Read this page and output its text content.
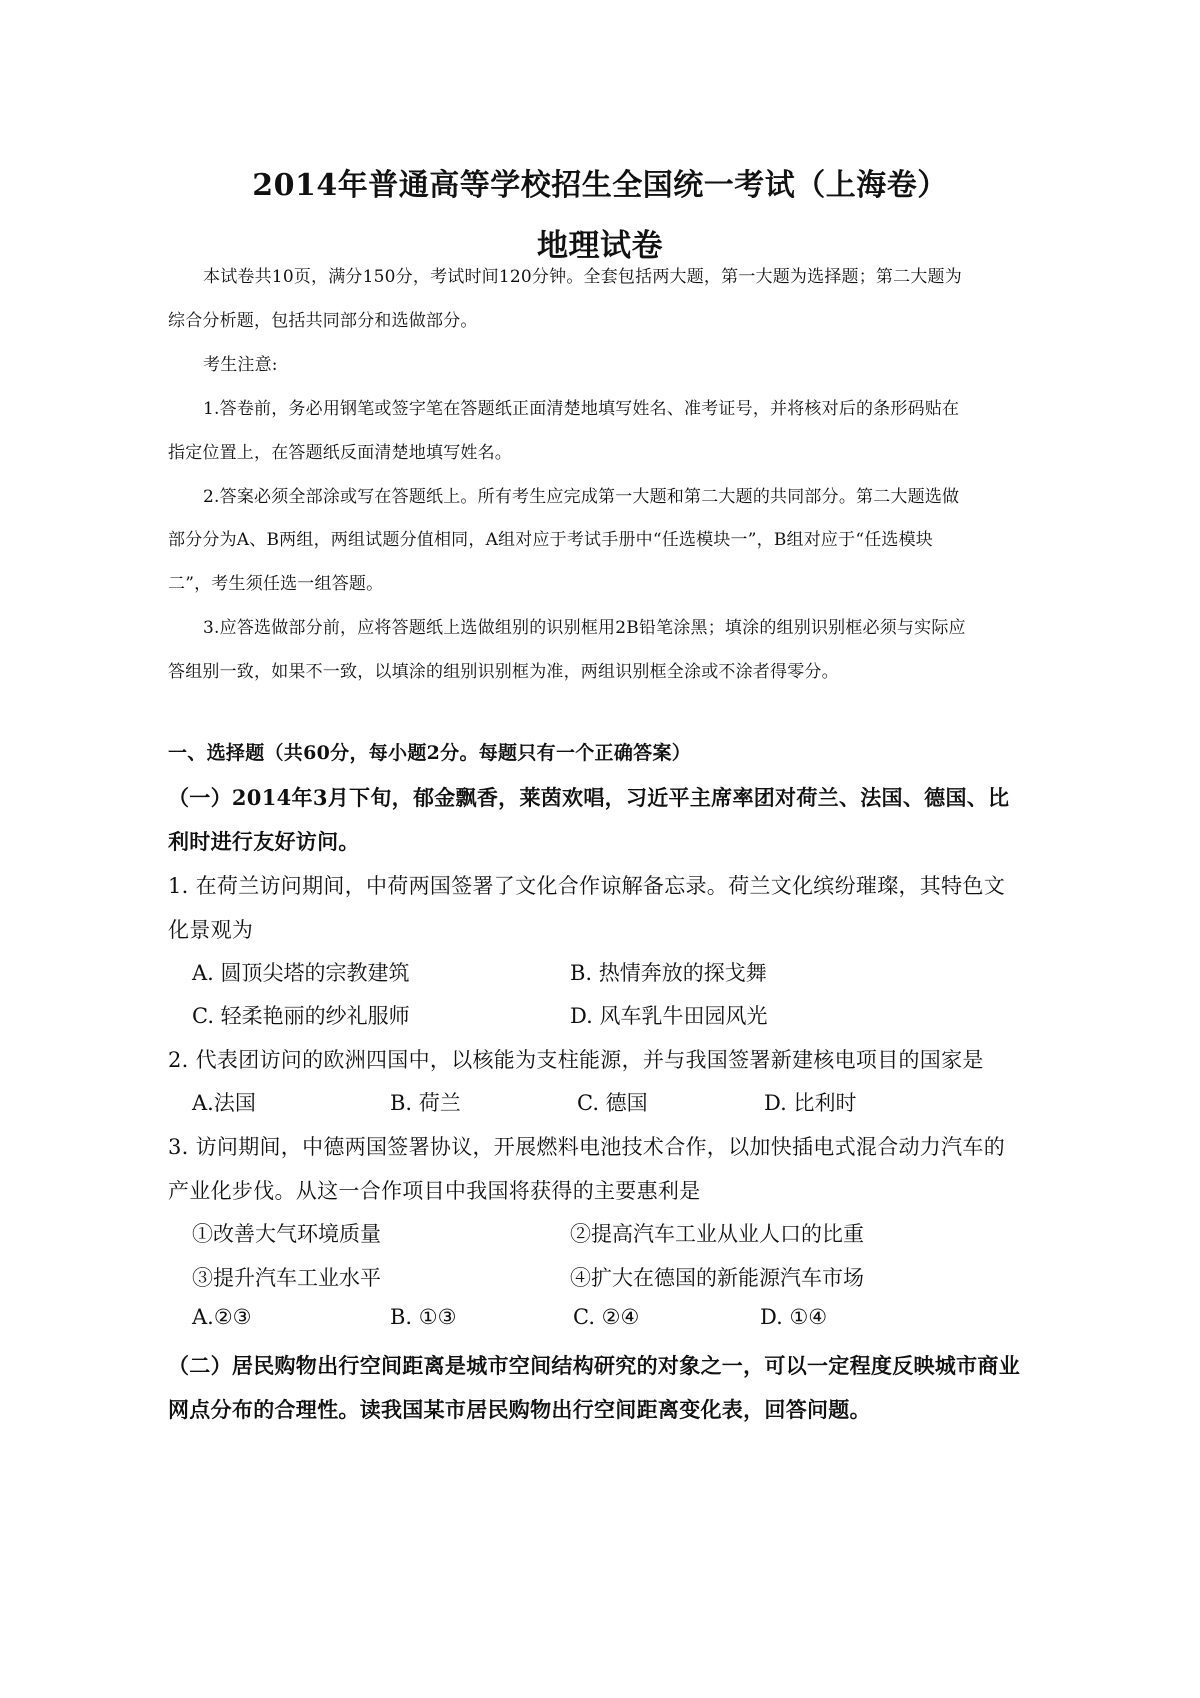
2014年普通高等学校招生全国统一考试（上海卷）
地理试卷
本试卷共10页，满分150分，考试时间120分钟。全套包括两大题，第一大题为选择题；第二大题为
综合分析题，包括共同部分和选做部分。
考生注意:
1.答卷前，务必用钢笔或签字笔在答题纸正面清楚地填写姓名、准考证号，并将核对后的条形码贴在
指定位置上，在答题纸反面清楚地填写姓名。
2.答案必须全部涂或写在答题纸上。所有考生应完成第一大题和第二大题的共同部分。第二大题选做
部分分为A、B两组，两组试题分值相同，A组对应于考试手册中“任选模块一”，B组对应于“任选模块
二”，考生须任选一组答题。
3.应答选做部分前，应将答题纸上选做组别的识别框用2B铅笔涂黑；填涂的组别识别框必须与实际应
答组别一致，如果不一致，以填涂的组别识别框为准，两组识别框全涂或不涂者得零分。
一、选择题（共60分，每小题2分。每题只有一个正确答案）
（一）2014年3月下旬，郁金飘香，莱茵欢唱，习近平主席率团对荷兰、法国、德国、比
利时进行友好访问。
1. 在荷兰访问期间，中荷两国签署了文化合作谅解备忘录。荷兰文化缤纷璀璨，其特色文
化景观为
A. 圆顶尖塔的宗教建筑	B. 热情奔放的探戈舞
C. 轻柔艳丽的纱礼服师	D. 风车乳牛田园风光
2. 代表团访问的欧洲四国中，以核能为支柱能源，并与我国签署新建核电项目的国家是
A.法国	B. 荷兰	C. 德国	D. 比利时
3. 访问期间，中德两国签署协议，开展燃料电池技术合作，以加快插电式混合动力汽车的
产业化步伐。从这一合作项目中我国将获得的主要惠利是
①改善大气环境质量	②提高汽车工业从业人口的比重
③提升汽车工业水平	④扩大在德国的新能源汽车市场
A.②③	B. ①③	C. ②④	D. ①④
（二）居民购物出行空间距离是城市空间结构研究的对象之一，可以一定程度反映城市商业
网点分布的合理性。读我国某市居民购物出行空间距离变化表，回答问题。
